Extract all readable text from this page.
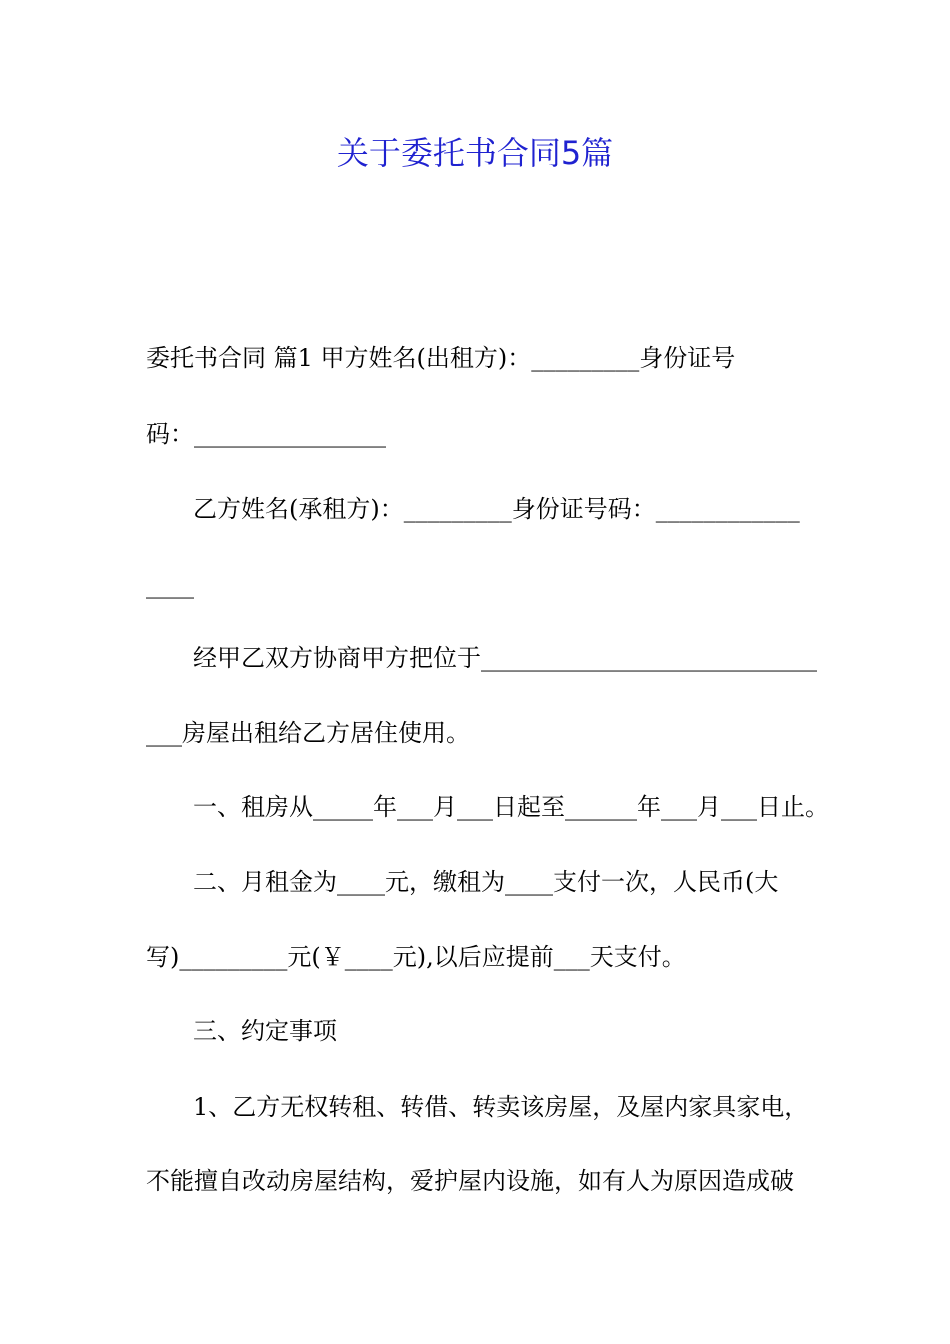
关于委托书合同5篇

委托书合同 篇1 甲方姓名(出租方)：_________身份证号

码：________________

乙方姓名(承租方)：_________身份证号码：____________

____

经甲乙双方协商甲方把位于____________________________

___房屋出租给乙方居住使用。

一、租房从_____年___月___日起至______年___月___日止。

二、月租金为____元，缴租为____支付一次，人民币(大

写)_________元(￥____元),以后应提前___天支付。

三、约定事项

1、乙方无权转租、转借、转卖该房屋，及屋内家具家电，

不能擅自改动房屋结构，爱护屋内设施，如有人为原因造成破
